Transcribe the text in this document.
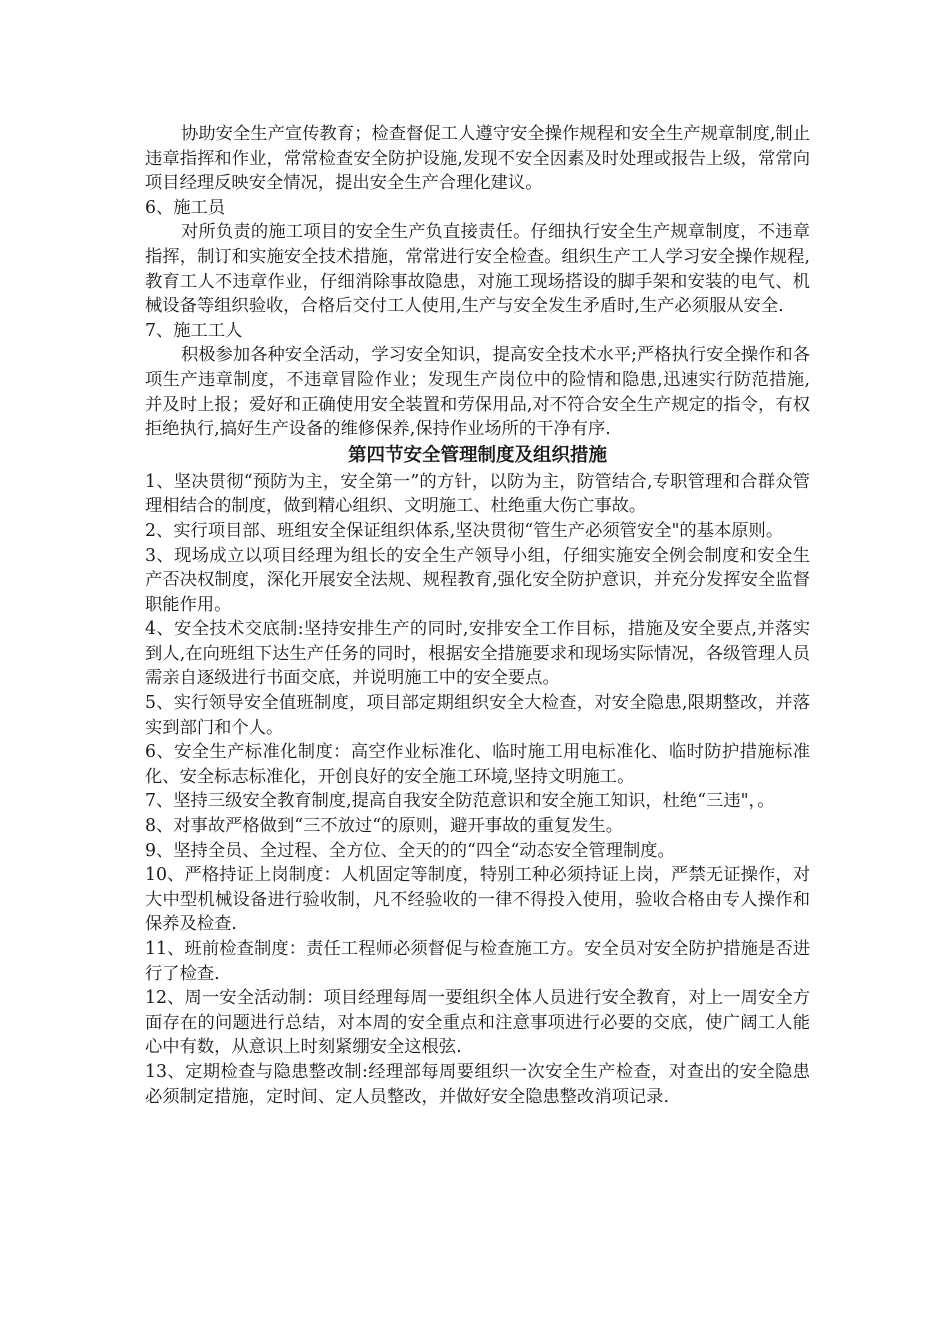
协助安全生产宣传教育；检查督促工人遵守安全操作规程和安全生产规章制度,制止违章指挥和作业，常常检查安全防护设施,发现不安全因素及时处理或报告上级，常常向项目经理反映安全情况，提出安全生产合理化建议。

6、施工员

对所负责的施工项目的安全生产负直接责任。仔细执行安全生产规章制度，不违章指挥，制订和实施安全技术措施，常常进行安全检查。组织生产工人学习安全操作规程,教育工人不违章作业，仔细消除事故隐患，对施工现场搭设的脚手架和安装的电气、机械设备等组织验收，合格后交付工人使用,生产与安全发生矛盾时,生产必须服从安全.

7、施工工人

积极参加各种安全活动，学习安全知识，提高安全技术水平;严格执行安全操作和各项生产违章制度，不违章冒险作业；发现生产岗位中的险情和隐患,迅速实行防范措施,并及时上报；爱好和正确使用安全装置和劳保用品,对不符合安全生产规定的指令，有权拒绝执行,搞好生产设备的维修保养,保持作业场所的干净有序.

第四节安全管理制度及组织措施

1、坚决贯彻“预防为主，安全第一”的方针，以防为主，防管结合,专职管理和合群众管理相结合的制度，做到精心组织、文明施工、杜绝重大伤亡事故。

2、实行项目部、班组安全保证组织体系,坚决贯彻“管生产必须管安全"的基本原则。

3、现场成立以项目经理为组长的安全生产领导小组，仔细实施安全例会制度和安全生产否决权制度，深化开展安全法规、规程教育,强化安全防护意识，并充分发挥安全监督职能作用。

4、安全技术交底制:坚持安排生产的同时,安排安全工作目标，措施及安全要点,并落实到人,在向班组下达生产任务的同时，根据安全措施要求和现场实际情况，各级管理人员需亲自逐级进行书面交底，并说明施工中的安全要点。

5、实行领导安全值班制度，项目部定期组织安全大检查，对安全隐患,限期整改，并落实到部门和个人。

6、安全生产标准化制度：高空作业标准化、临时施工用电标准化、临时防护措施标准化、安全标志标准化，开创良好的安全施工环境,坚持文明施工。

7、坚持三级安全教育制度,提高自我安全防范意识和安全施工知识，杜绝“三违"，。

8、对事故严格做到“三不放过“的原则，避开事故的重复发生。

9、坚持全员、全过程、全方位、全天的的“四全“动态安全管理制度。

10、严格持证上岗制度：人机固定等制度，特别工种必须持证上岗，严禁无证操作，对大中型机械设备进行验收制，凡不经验收的一律不得投入使用，验收合格由专人操作和保养及检查.

11、班前检查制度：责任工程师必须督促与检查施工方。安全员对安全防护措施是否进行了检查.

12、周一安全活动制：项目经理每周一要组织全体人员进行安全教育，对上一周安全方面存在的问题进行总结，对本周的安全重点和注意事项进行必要的交底，使广阔工人能心中有数，从意识上时刻紧绷安全这根弦.

13、定期检查与隐患整改制:经理部每周要组织一次安全生产检查，对查出的安全隐患必须制定措施，定时间、定人员整改，并做好安全隐患整改消项记录.
